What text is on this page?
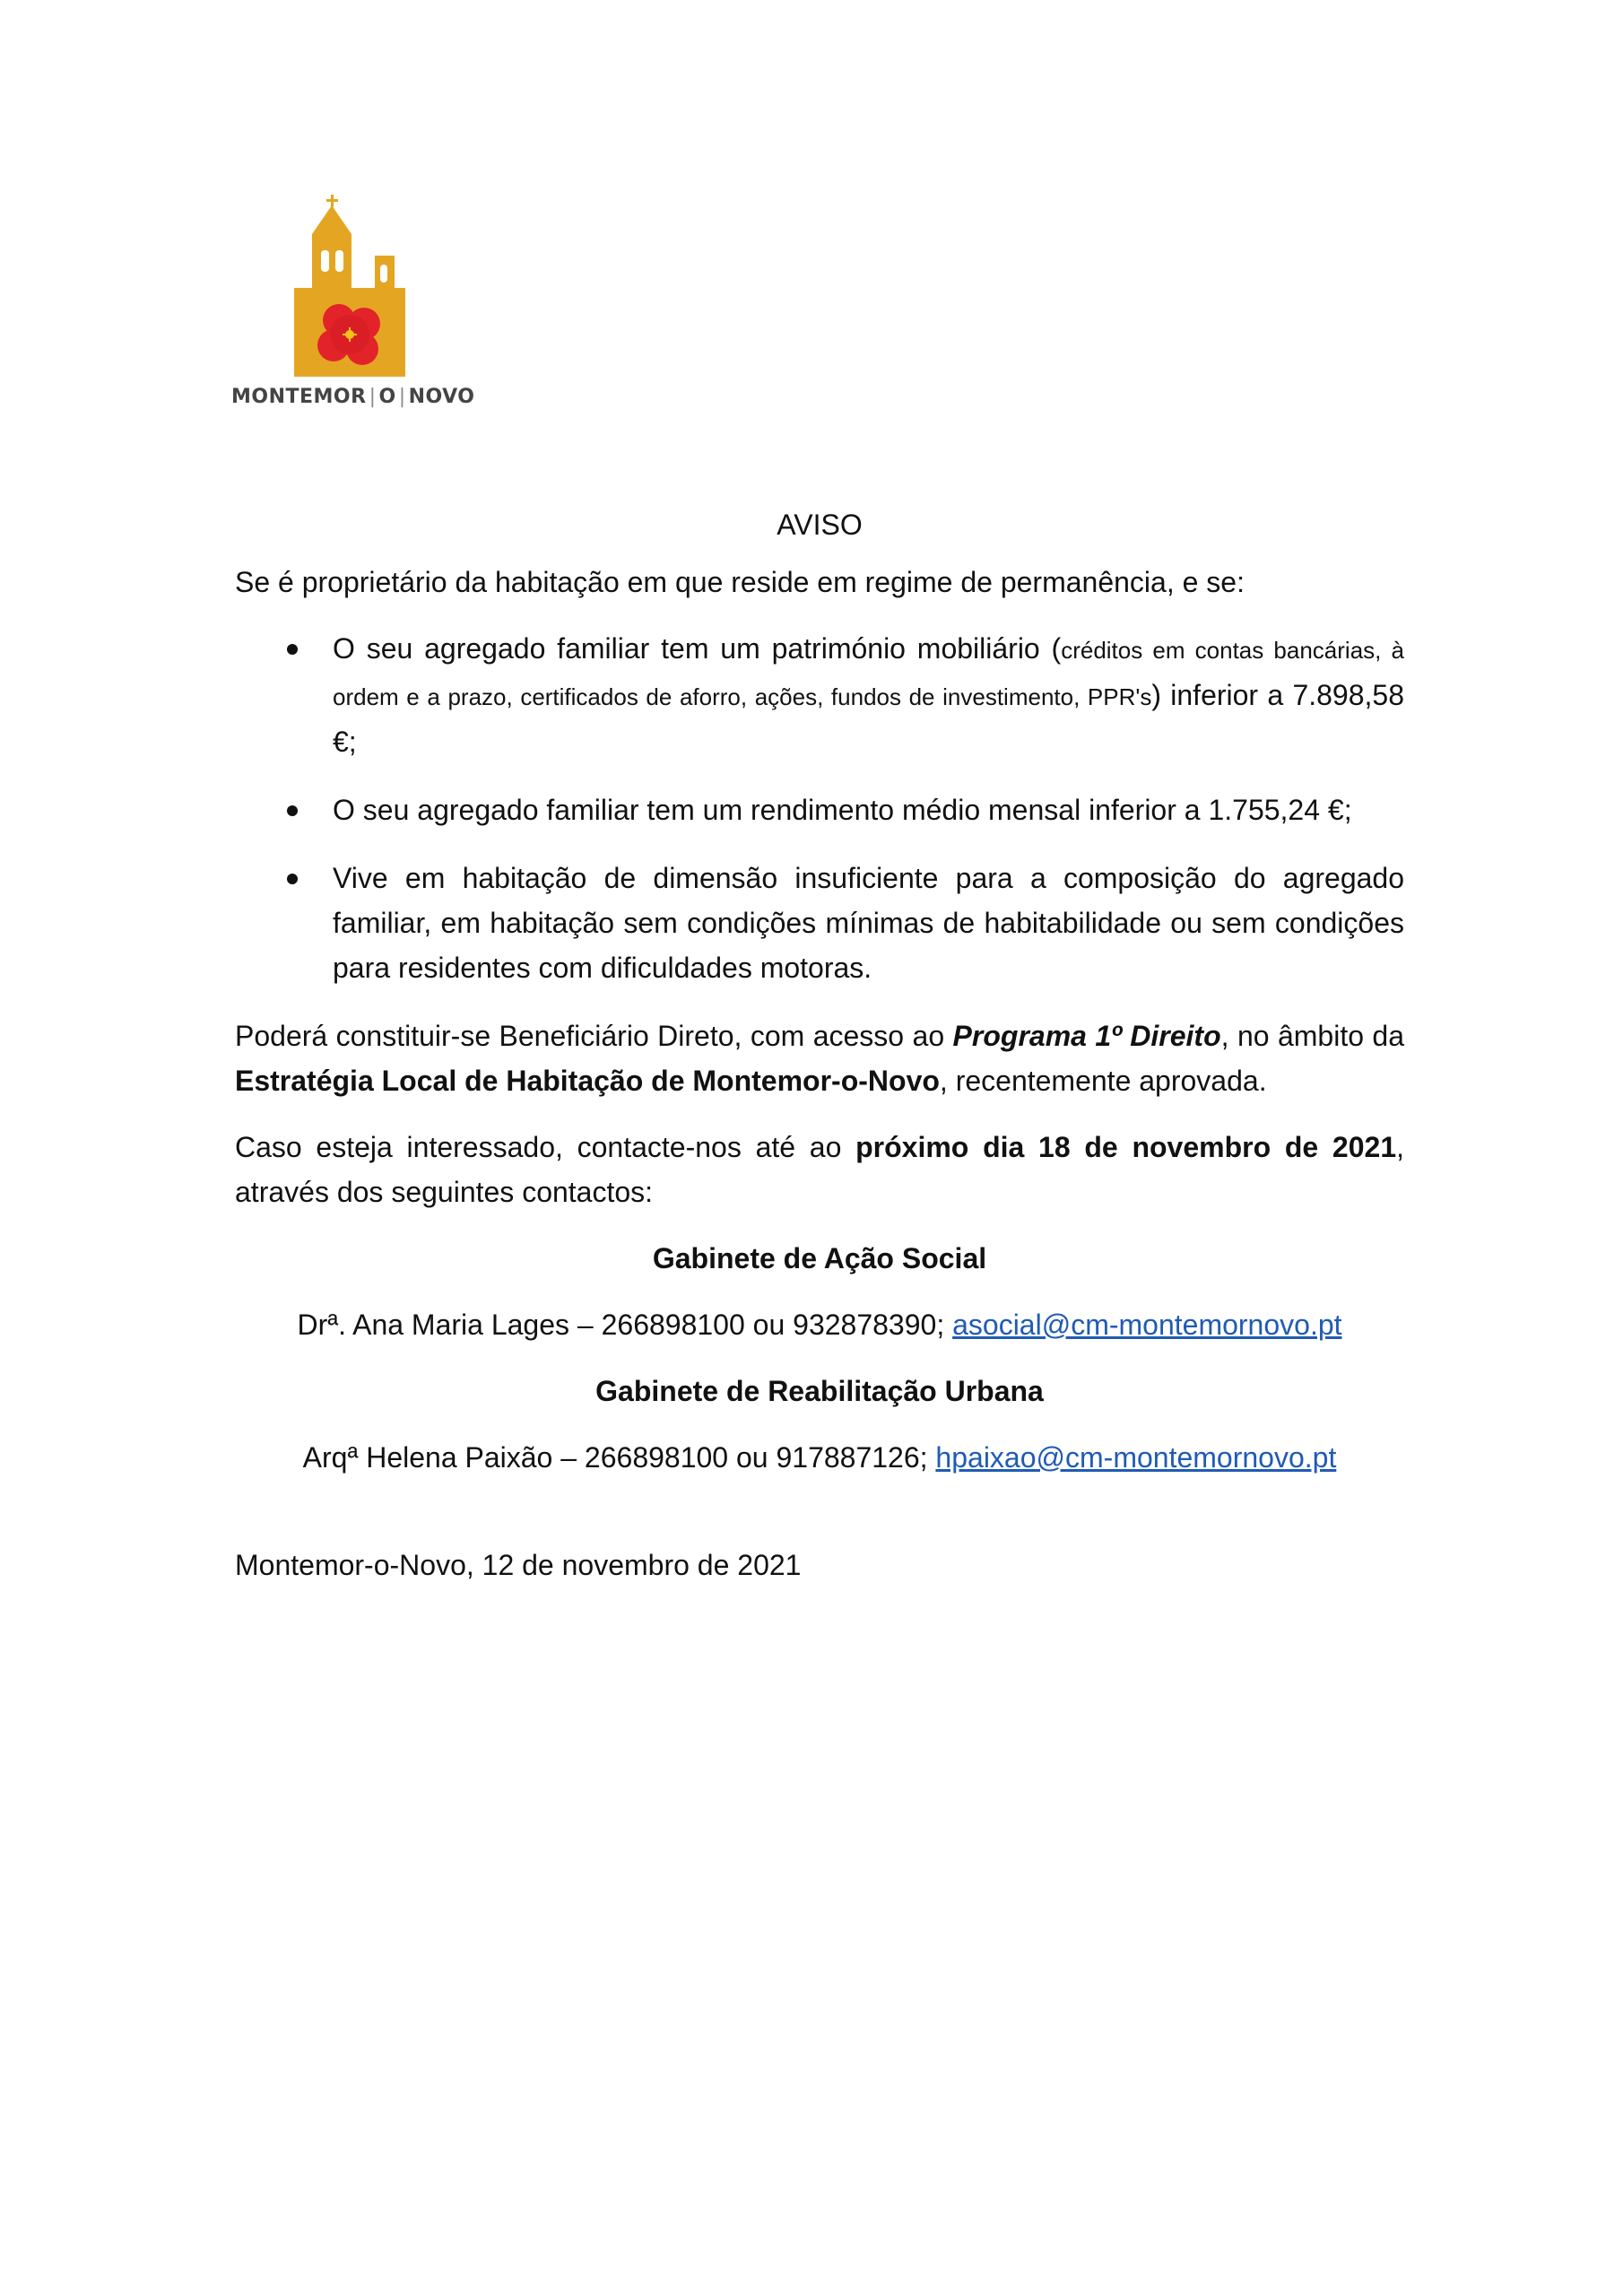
MONTEMOR | O | NOVO
AVISO

Se é proprietário da habitação em que reside em regime de permanência, e se:

O seu agregado familiar tem um património mobiliário (créditos em contas bancárias, à ordem e a prazo, certificados de aforro, ações, fundos de investimento, PPR's) inferior a 7.898,58 €;
O seu agregado familiar tem um rendimento médio mensal inferior a 1.755,24 €;
Vive em habitação de dimensão insuficiente para a composição do agregado familiar, em habitação sem condições mínimas de habitabilidade ou sem condições para residentes com dificuldades motoras.

Poderá constituir-se Beneficiário Direto, com acesso ao Programa 1º Direito, no âmbito da Estratégia Local de Habitação de Montemor-o-Novo, recentemente aprovada.

Caso esteja interessado, contacte-nos até ao próximo dia 18 de novembro de 2021, através dos seguintes contactos:

Gabinete de Ação Social

Drª. Ana Maria Lages – 266898100 ou 932878390; asocial@cm-montemornovo.pt

Gabinete de Reabilitação Urbana

Arqª Helena Paixão – 266898100 ou 917887126; hpaixao@cm-montemornovo.pt

Montemor-o-Novo, 12 de novembro de 2021
